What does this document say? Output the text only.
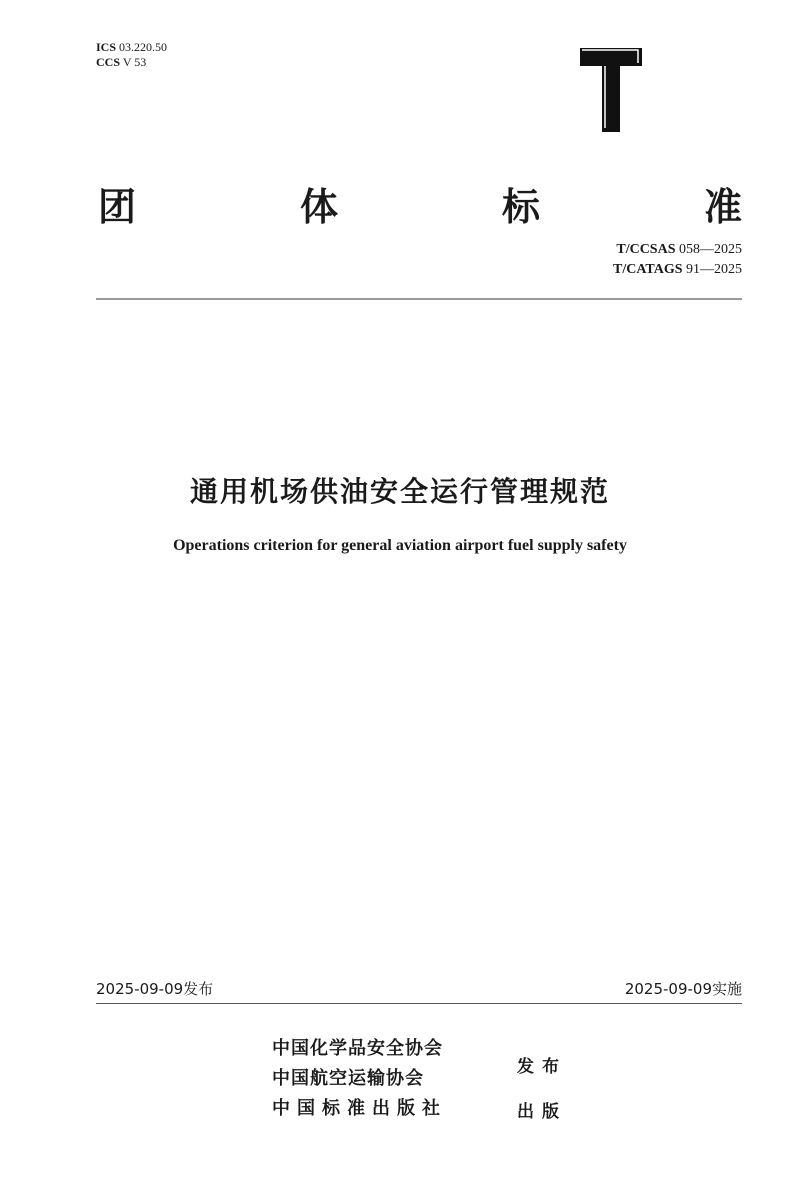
ICS 03.220.50
CCS V 53
团	体	标	准
T/CCSAS 058—2025
T/CATAGS 91—2025
通用机场供油安全运行管理规范
Operations criterion for general aviation airport fuel supply safety
2025-09-09发布	2025-09-09实施
中国化学品安全协会
中国航空运输协会
中国标准出版社
发布
出版
